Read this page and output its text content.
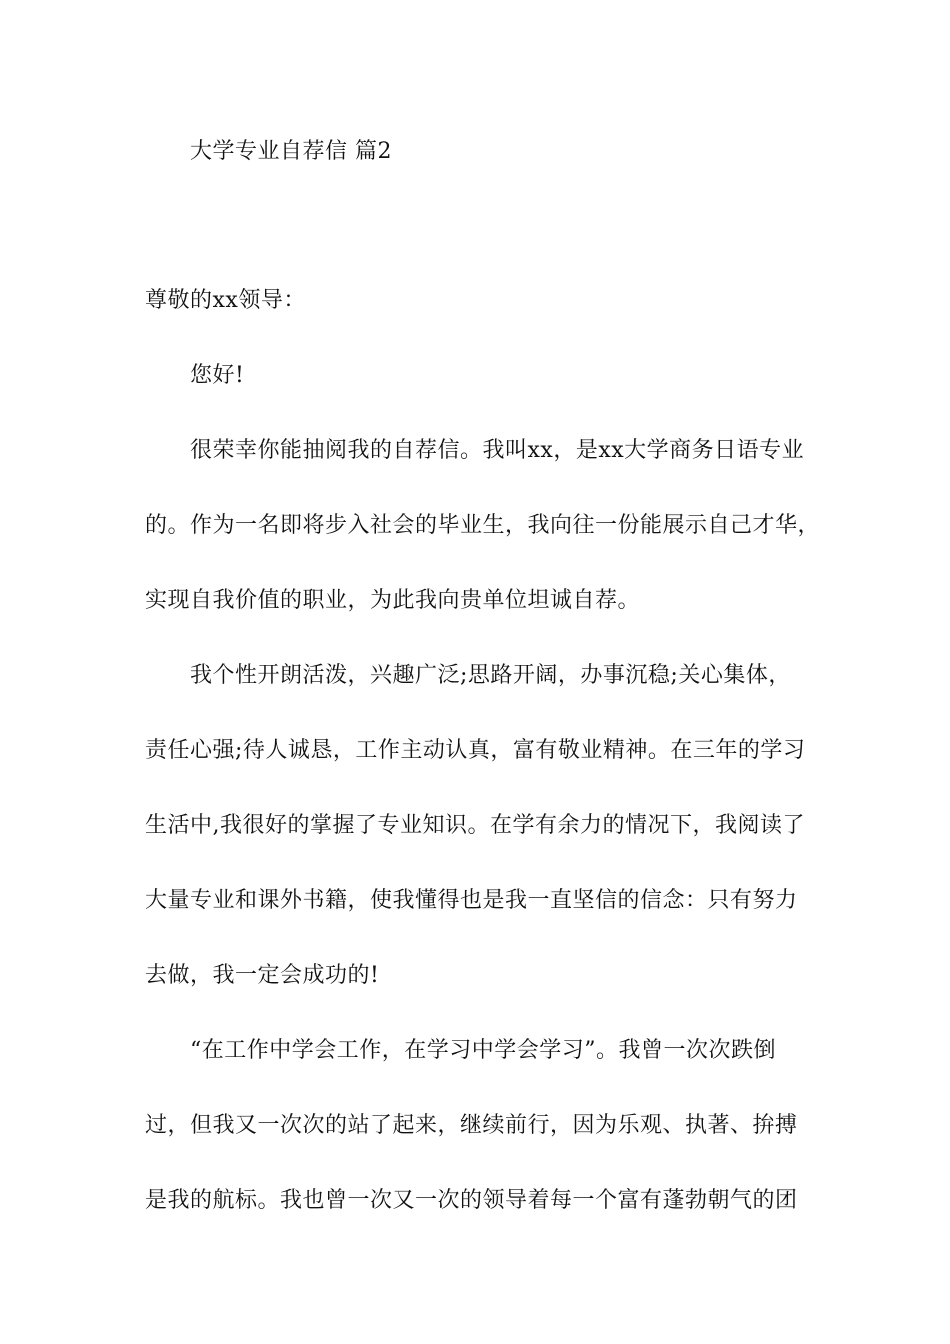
大学专业自荐信 篇2
尊敬的xx领导：
您好!
很荣幸你能抽阅我的自荐信。我叫xx，是xx大学商务日语专业
的。作为一名即将步入社会的毕业生，我向往一份能展示自己才华，
实现自我价值的职业，为此我向贵单位坦诚自荐。
我个性开朗活泼，兴趣广泛;思路开阔，办事沉稳;关心集体，
责任心强;待人诚恳，工作主动认真，富有敬业精神。在三年的学习
生活中,我很好的掌握了专业知识。在学有余力的情况下，我阅读了
大量专业和课外书籍，使我懂得也是我一直坚信的信念：只有努力
去做，我一定会成功的!
“在工作中学会工作，在学习中学会学习”。我曾一次次跌倒
过，但我又一次次的站了起来，继续前行，因为乐观、执著、拚搏
是我的航标。我也曾一次又一次的领导着每一个富有蓬勃朝气的团
